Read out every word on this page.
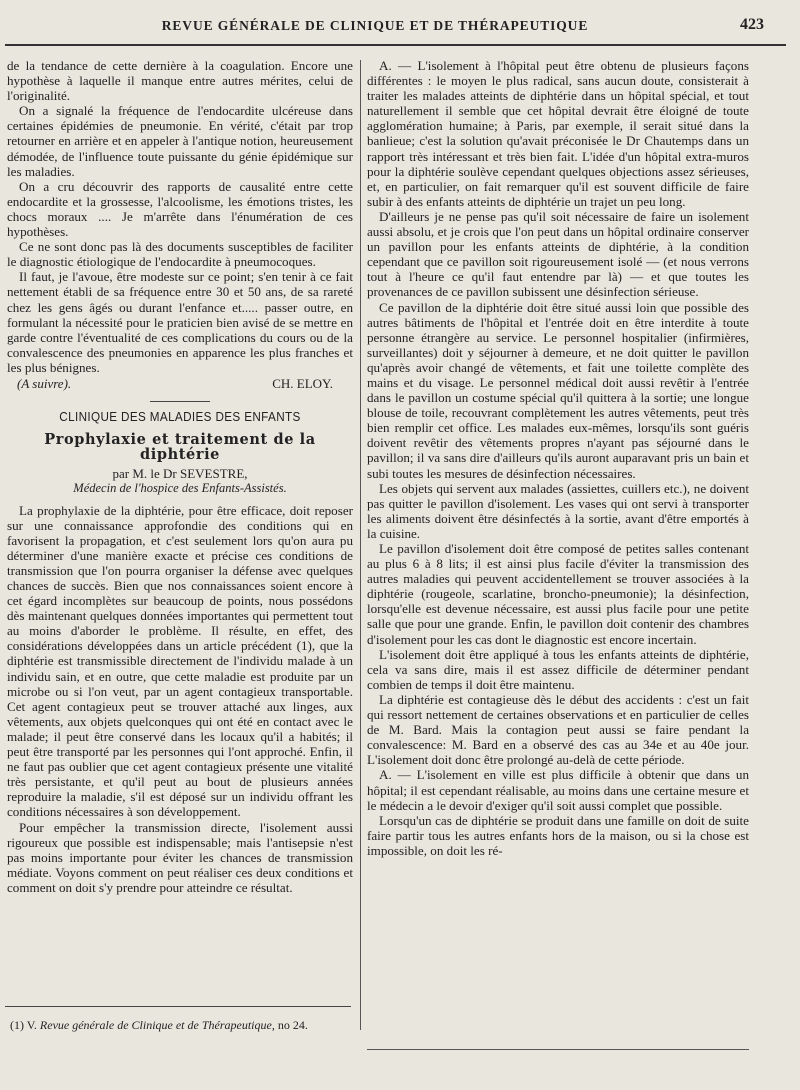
REVUE GÉNÉRALE DE CLINIQUE ET DE THÉRAPEUTIQUE	423

de la tendance de cette dernière à la coagulation. Encore une hypothèse à laquelle il manque entre autres mérites, celui de l'originalité.

On a signalé la fréquence de l'endocardite ulcéreuse dans certaines épidémies de pneumonie. En vérité, c'était par trop retourner en arrière et en appeler à l'antique notion, heureusement démodée, de l'influence toute puissante du génie épidémique sur les maladies.

On a cru découvrir des rapports de causalité entre cette endocardite et la grossesse, l'alcoolisme, les émotions tristes, les chocs moraux .... Je m'arrête dans l'énumération de ces hypothèses.

Ce ne sont donc pas là des documents susceptibles de faciliter le diagnostic étiologique de l'endocardite à pneumocoques.

Il faut, je l'avoue, être modeste sur ce point; s'en tenir à ce fait nettement établi de sa fréquence entre 30 et 50 ans, de sa rareté chez les gens âgés ou durant l'enfance et..... passer outre, en formulant la nécessité pour le praticien bien avisé de se mettre en garde contre l'éventualité de ces complications du cours ou de la convalescence des pneumonies en apparence les plus franches et les plus bénignes.

(A suivre).	CH. ELOY.
CLINIQUE DES MALADIES DES ENFANTS
Prophylaxie et traitement de la diphtérie
par M. le Dr SEVESTRE,
Médecin de l'hospice des Enfants-Assistés.

La prophylaxie de la diphtérie, pour être efficace, doit reposer sur une connaissance approfondie des conditions qui en favorisent la propagation, et c'est seulement lors qu'on aura pu déterminer d'une manière exacte et précise ces conditions de transmission que l'on pourra organiser la défense avec quelques chances de succès. Bien que nos connaissances soient encore à cet égard incomplètes sur beaucoup de points, nous possédons dès maintenant quelques données importantes qui permettent tout au moins d'aborder le problème. Il résulte, en effet, des considérations développées dans un article précédent (1), que la diphtérie est transmissible directement de l'individu malade à un individu sain, et en outre, que cette maladie est produite par un microbe ou si l'on veut, par un agent contagieux transportable. Cet agent contagieux peut se trouver attaché aux linges, aux vêtements, aux objets quelconques qui ont été en contact avec le malade; il peut être conservé dans les locaux qu'il a habités; il peut être transporté par les personnes qui l'ont approché. Enfin, il ne faut pas oublier que cet agent contagieux présente une vitalité très persistante, et qu'il peut au bout de plusieurs années reproduire la maladie, s'il est déposé sur un individu offrant les conditions nécessaires à son développement.

Pour empêcher la transmission directe, l'isolement aussi rigoureux que possible est indispensable; mais l'antisepsie n'est pas moins importante pour éviter les chances de transmission médiate. Voyons comment on peut réaliser ces deux conditions et comment on doit s'y prendre pour atteindre ce résultat.

A. — L'isolement à l'hôpital peut être obtenu de plusieurs façons différentes : le moyen le plus radical, sans aucun doute, consisterait à traiter les malades atteints de diphtérie dans un hôpital spécial, et tout naturellement il semble que cet hôpital devrait être éloigné de toute agglomération humaine; à Paris, par exemple, il serait situé dans la banlieue; c'est la solution qu'avait préconisée le Dr Chautemps dans un rapport très intéressant et très bien fait. L'idée d'un hôpital extra-muros pour la diphtérie soulève cependant quelques objections assez sérieuses, et, en particulier, on fait remarquer qu'il est souvent difficile de faire subir à des enfants atteints de diphtérie un trajet un peu long.

D'ailleurs je ne pense pas qu'il soit nécessaire de faire un isolement aussi absolu, et je crois que l'on peut dans un hôpital ordinaire conserver un pavillon pour les enfants atteints de diphtérie, à la condition cependant que ce pavillon soit rigoureusement isolé — (et nous verrons tout à l'heure ce qu'il faut entendre par là) — et que toutes les provenances de ce pavillon subissent une désinfection sérieuse.

Ce pavillon de la diphtérie doit être situé aussi loin que possible des autres bâtiments de l'hôpital et l'entrée doit en être interdite à toute personne étrangère au service. Le personnel hospitalier (infirmières, surveillantes) doit y séjourner à demeure, et ne doit quitter le pavillon qu'après avoir changé de vêtements, et fait une toilette complète des mains et du visage. Le personnel médical doit aussi revêtir à l'entrée dans le pavillon un costume spécial qu'il quittera à la sortie; une longue blouse de toile, recouvrant complètement les autres vêtements, peut très bien remplir cet office. Les malades eux-mêmes, lorsqu'ils sont guéris doivent revêtir des vêtements propres n'ayant pas séjourné dans le pavillon; il va sans dire d'ailleurs qu'ils auront auparavant pris un bain et subi toutes les mesures de désinfection nécessaires.

Les objets qui servent aux malades (assiettes, cuillers etc.), ne doivent pas quitter le pavillon d'isolement. Les vases qui ont servi à transporter les aliments doivent être désinfectés à la sortie, avant d'être emportés à la cuisine.

Le pavillon d'isolement doit être composé de petites salles contenant au plus 6 à 8 lits; il est ainsi plus facile d'éviter la transmission des autres maladies qui peuvent accidentellement se trouver associées à la diphtérie (rougeole, scarlatine, broncho-pneumonie); la désinfection, lorsqu'elle est devenue nécessaire, est aussi plus facile pour une petite salle que pour une grande. Enfin, le pavillon doit contenir des chambres d'isolement pour les cas dont le diagnostic est encore incertain.

L'isolement doit être appliqué à tous les enfants atteints de diphtérie, cela va sans dire, mais il est assez difficile de déterminer pendant combien de temps il doit être maintenu.

La diphtérie est contagieuse dès le début des accidents : c'est un fait qui ressort nettement de certaines observations et en particulier de celles de M. Bard. Mais la contagion peut aussi se faire pendant la convalescence: M. Bard en a observé des cas au 34e et au 40e jour. L'isolement doit donc être prolongé au-delà de cette période.

A. — L'isolement en ville est plus difficile à obtenir que dans un hôpital; il est cependant réalisable, au moins dans une certaine mesure et le médecin a le devoir d'exiger qu'il soit aussi complet que possible.

Lorsqu'un cas de diphtérie se produit dans une famille on doit de suite faire partir tous les autres enfants hors de la maison, ou si la chose est impossible, on doit les ré-

(1) V. Revue générale de Clinique et de Thérapeutique, no 24.
